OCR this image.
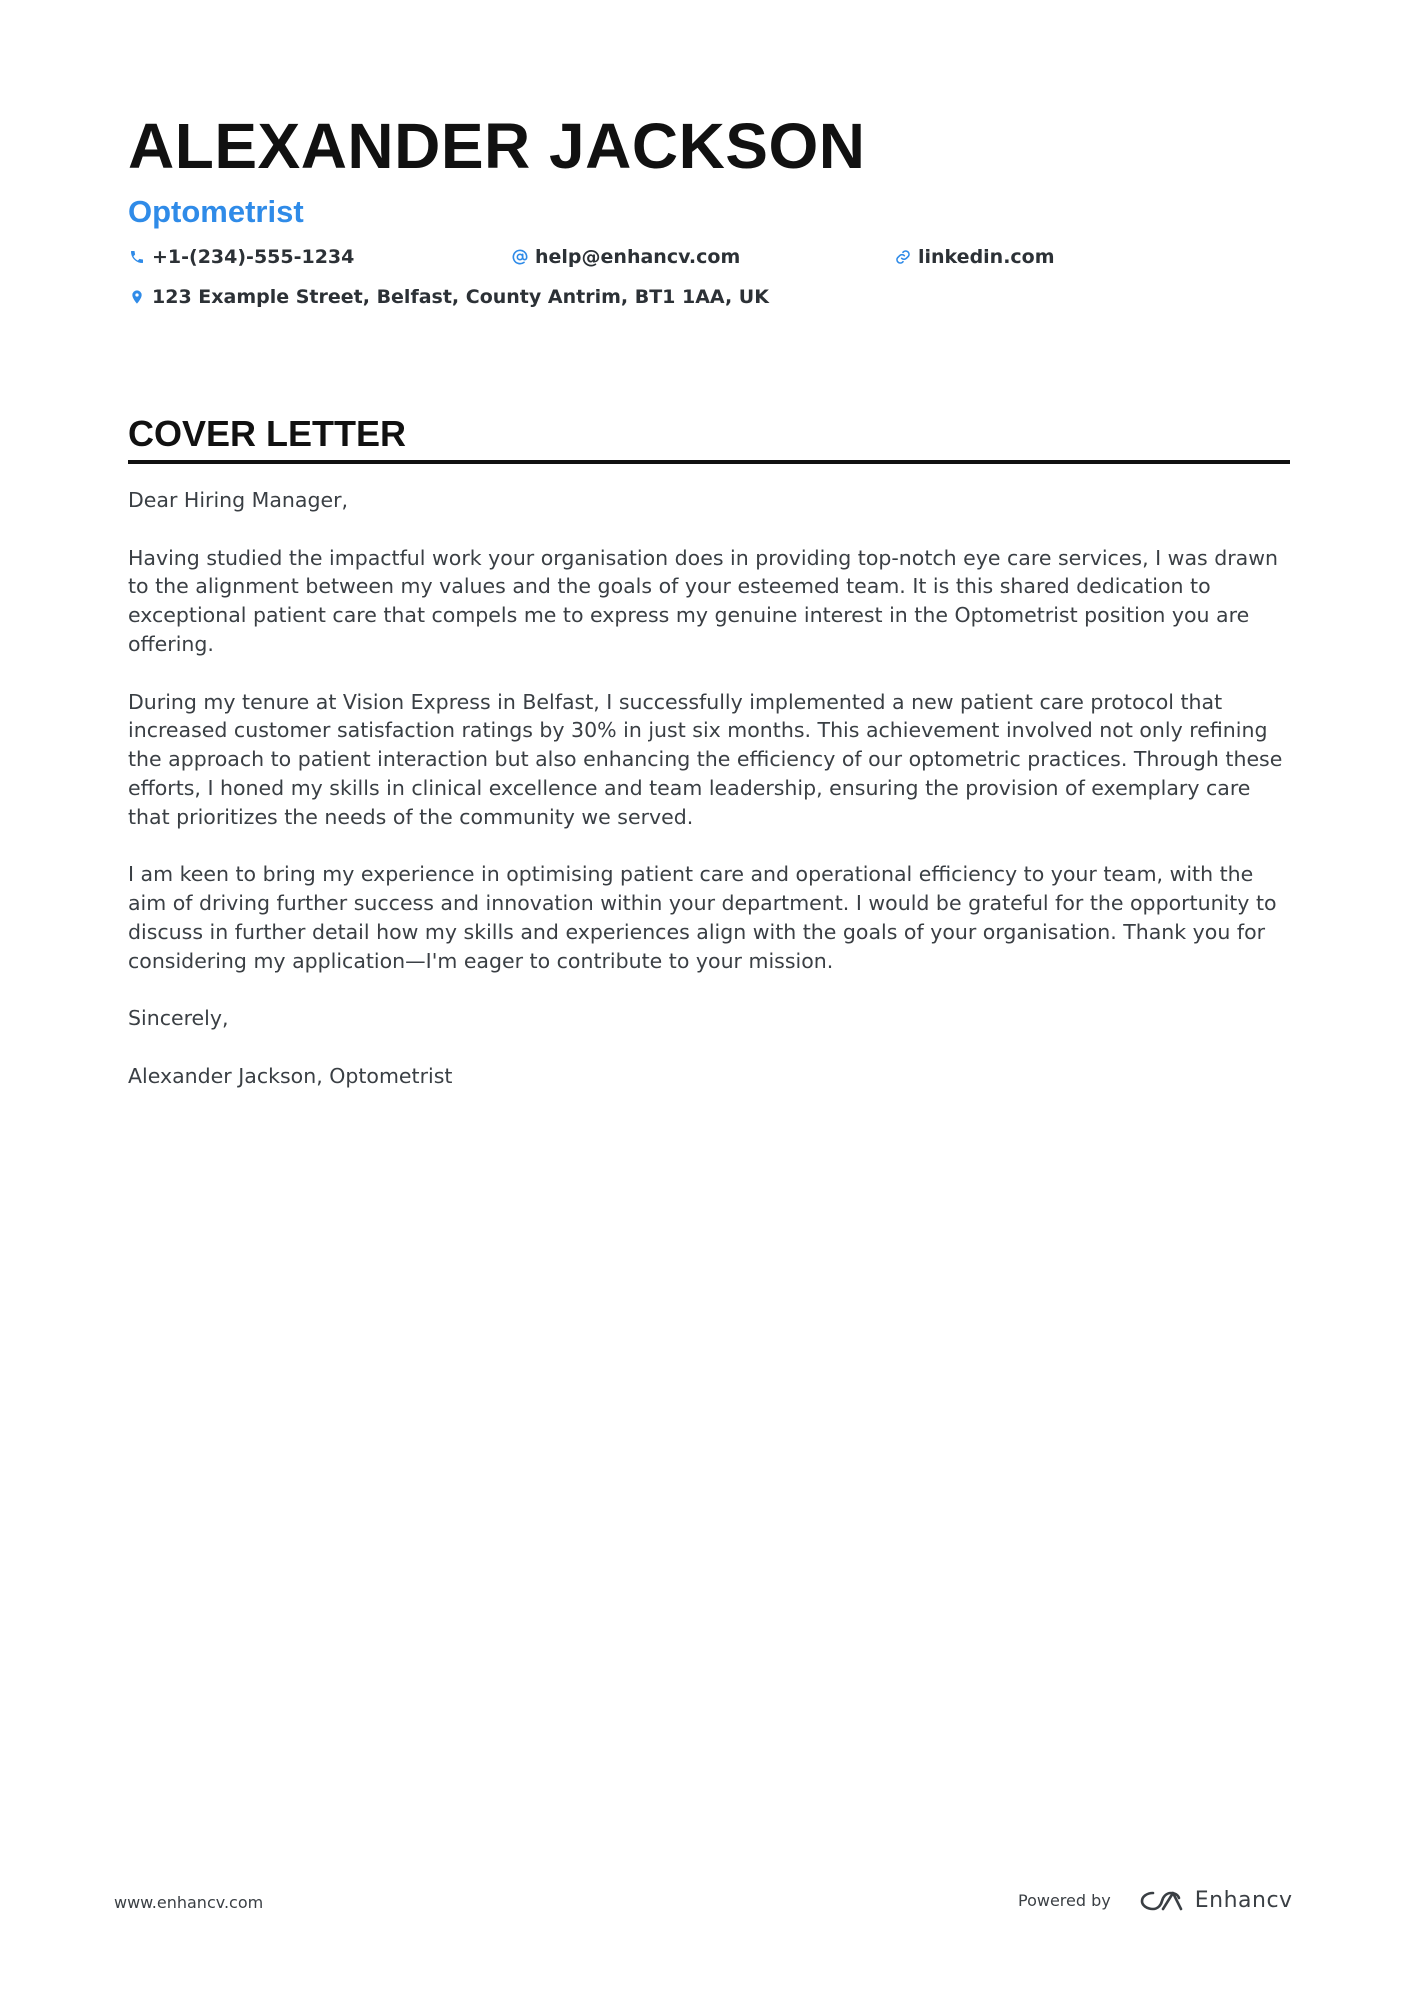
ALEXANDER JACKSON
Optometrist
+1-(234)-555-1234	help@enhancv.com	linkedin.com
123 Example Street, Belfast, County Antrim, BT1 1AA, UK
COVER LETTER

Dear Hiring Manager,

Having studied the impactful work your organisation does in providing top-notch eye care services, I was drawn to the alignment between my values and the goals of your esteemed team. It is this shared dedication to exceptional patient care that compels me to express my genuine interest in the Optometrist position you are offering.

During my tenure at Vision Express in Belfast, I successfully implemented a new patient care protocol that increased customer satisfaction ratings by 30% in just six months. This achievement involved not only refining the approach to patient interaction but also enhancing the efficiency of our optometric practices. Through these efforts, I honed my skills in clinical excellence and team leadership, ensuring the provision of exemplary care that prioritizes the needs of the community we served.

I am keen to bring my experience in optimising patient care and operational efficiency to your team, with the aim of driving further success and innovation within your department. I would be grateful for the opportunity to discuss in further detail how my skills and experiences align with the goals of your organisation. Thank you for considering my application—I'm eager to contribute to your mission.

Sincerely,

Alexander Jackson, Optometrist

www.enhancv.com	Powered by	Enhancv
